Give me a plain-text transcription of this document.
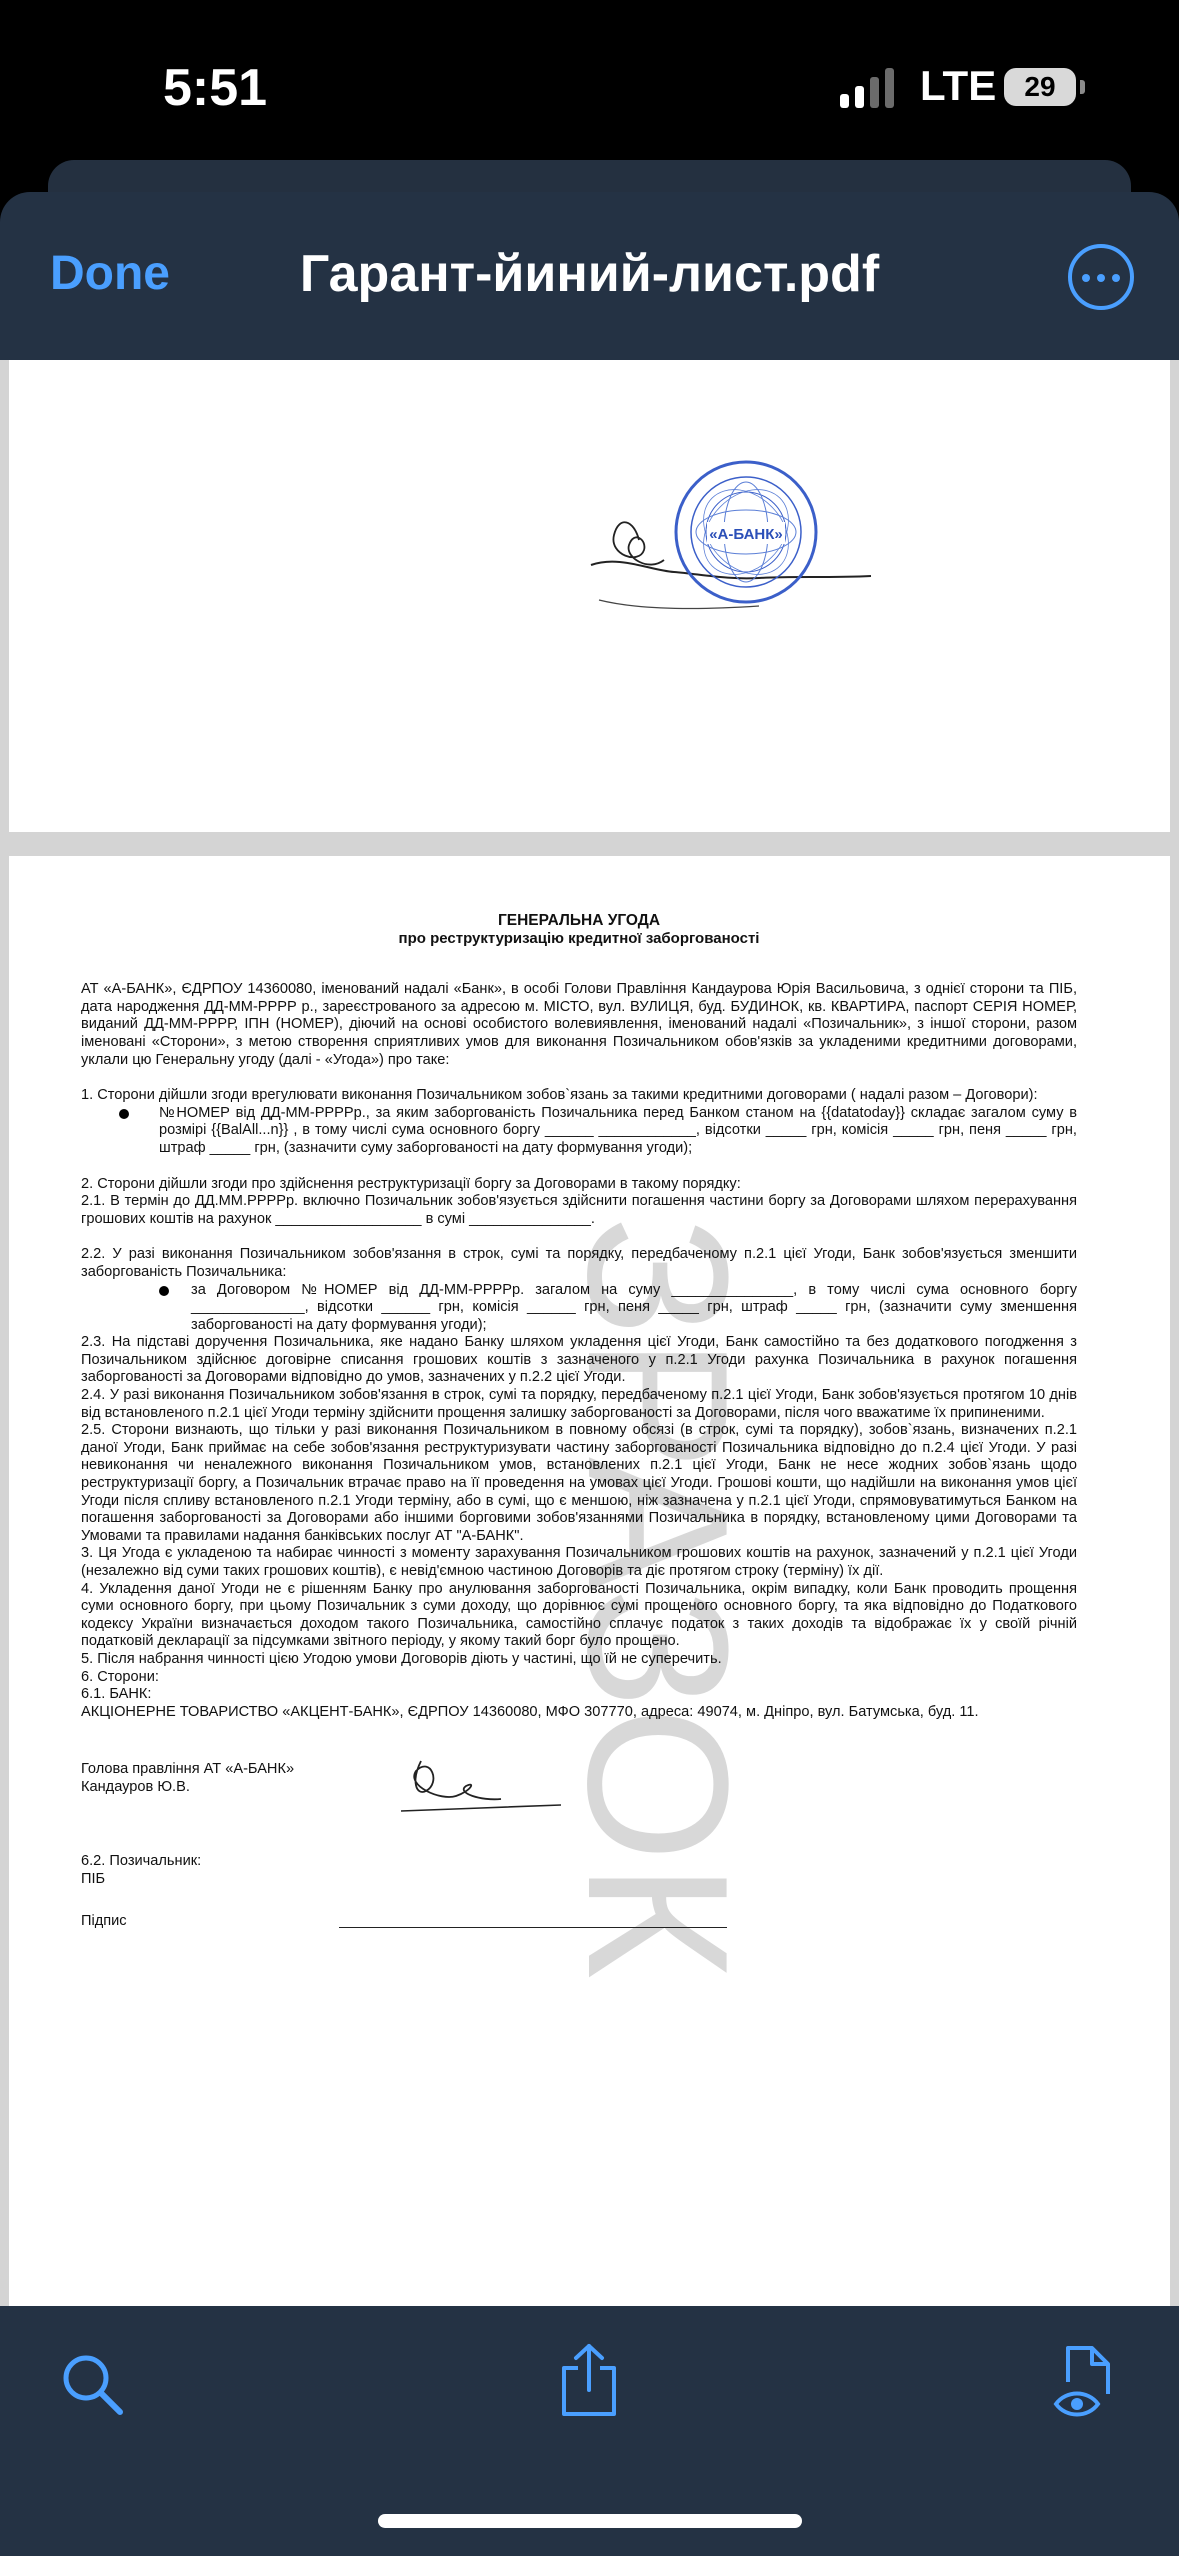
5:51	LTE	29
Done	Гарант-йиний-лист.pdf
«А-БАНК»
ЗРАЗОК

ГЕНЕРАЛЬНА УГОДА

про реструктуризацію кредитної заборгованості

АТ «А-БАНК», ЄДРПОУ 14360080, іменований надалі «Банк», в особі Голови Правління Кандаурова Юрія Васильовича, з однієї сторони та ПІБ, дата народження ДД-ММ-РРРР р., зареєстрованого за адресою м. МІСТО, вул. ВУЛИЦЯ, буд. БУДИНОК, кв. КВАРТИРА, паспорт СЕРІЯ НОМЕР, виданий ДД-ММ-РРРР, ІПН (НОМЕР), діючий на основі особистого волевиявлення, іменований надалі «Позичальник», з іншої сторони, разом іменовані «Сторони», з метою створення сприятливих умов для виконання Позичальником обов'язків за укладеними кредитними договорами, уклали цю Генеральну угоду (далі - «Угода») про таке:

1. Сторони дійшли згоди врегулювати виконання Позичальником зобов`язань за такими кредитними договорами ( надалі разом – Договори):

№НОМЕР від ДД-ММ-РРРРр., за яким заборгованість Позичальника перед Банком станом на {{datatoday}} складає загалом суму в розмірі {{BalAll...n}} , в тому числі сума основного боргу ______ ____________, відсотки _____ грн, комісія _____ грн, пеня _____ грн, штраф _____ грн, (зазначити суму заборгованості на дату формування угоди);

2. Сторони дійшли згоди про здійснення реструктуризації боргу за Договорами в такому порядку:

2.1. В термін до ДД.ММ.РРРРр. включно Позичальник зобов'язується здійснити погашення частини боргу за Договорами шляхом перерахування грошових коштів на рахунок __________________ в сумі _______________.

2.2. У разі виконання Позичальником зобов'язання в строк, сумі та порядку, передбаченому п.2.1 цієї Угоди, Банк зобов'язується зменшити заборгованість Позичальника:

за Договором №НОМЕР від ДД-ММ-РРРРр. загалом на суму _______________, в тому числі сума основного боргу ______________, відсотки ______ грн, комісія ______ грн, пеня _____ грн, штраф _____ грн, (зазначити суму зменшення заборгованості на дату формування угоди);

2.3. На підставі доручення Позичальника, яке надано Банку шляхом укладення цієї Угоди, Банк самостійно та без додаткового погодження з Позичальником здійснює договірне списання грошових коштів з зазначеного у п.2.1 Угоди рахунка Позичальника в рахунок погашення заборгованості за Договорами відповідно до умов, зазначених у п.2.2 цієї Угоди.

2.4. У разі виконання Позичальником зобов'язання в строк, сумі та порядку, передбаченому п.2.1 цієї Угоди, Банк зобов'язується протягом 10 днів від встановленого п.2.1 цієї Угоди терміну здійснити прощення залишку заборгованості за Договорами, після чого вважатиме їх припиненими.

2.5. Сторони визнають, що тільки у разі виконання Позичальником в повному обсязі (в строк, сумі та порядку), зобов`язань, визначених п.2.1 даної Угоди, Банк приймає на себе зобов'язання реструктуризувати частину заборгованості Позичальника відповідно до п.2.4 цієї Угоди. У разі невиконання чи неналежного виконання Позичальником умов, встановлених п.2.1 цієї Угоди, Банк не несе жодних зобов`язань щодо реструктуризації боргу, а Позичальник втрачає право на її проведення на умовах цієї Угоди. Грошові кошти, що надійшли на виконання умов цієї Угоди після спливу встановленого п.2.1 Угоди терміну, або в сумі, що є меншою, ніж зазначена у п.2.1 цієї Угоди, спрямовуватимуться Банком на погашення заборгованості за Договорами або іншими борговими зобов'язаннями Позичальника в порядку, встановленому цими Договорами та Умовами та правилами надання банківських послуг АТ "А-БАНК".

3. Ця Угода є укладеною та набирає чинності з моменту зарахування Позичальником грошових коштів на рахунок, зазначений у п.2.1 цієї Угоди (незалежно від суми таких грошових коштів), є невід'ємною частиною Договорів та діє протягом строку (терміну) їх дії.

4. Укладення даної Угоди не є рішенням Банку про анулювання заборгованості Позичальника, окрім випадку, коли Банк проводить прощення суми основного боргу, при цьому Позичальник з суми доходу, що дорівнює сумі прощеного основного боргу, та яка відповідно до Податкового кодексу України визначається доходом такого Позичальника, самостійно сплачує податок з таких доходів та відображає їх у своїй річній податковій декларації за підсумками звітного періоду, у якому такий борг було прощено.

5. Після набрання чинності цією Угодою умови Договорів діють у частині, що їй не суперечить.

6. Сторони:

6.1. БАНК:

АКЦІОНЕРНЕ ТОВАРИСТВО «АКЦЕНТ-БАНК», ЄДРПОУ 14360080, МФО 307770, адреса: 49074, м. Дніпро, вул. Батумська, буд. 11.

Голова правління АТ «А-БАНК»

Кандауров Ю.В.

6.2. Позичальник:

ПІБ

Підпис
